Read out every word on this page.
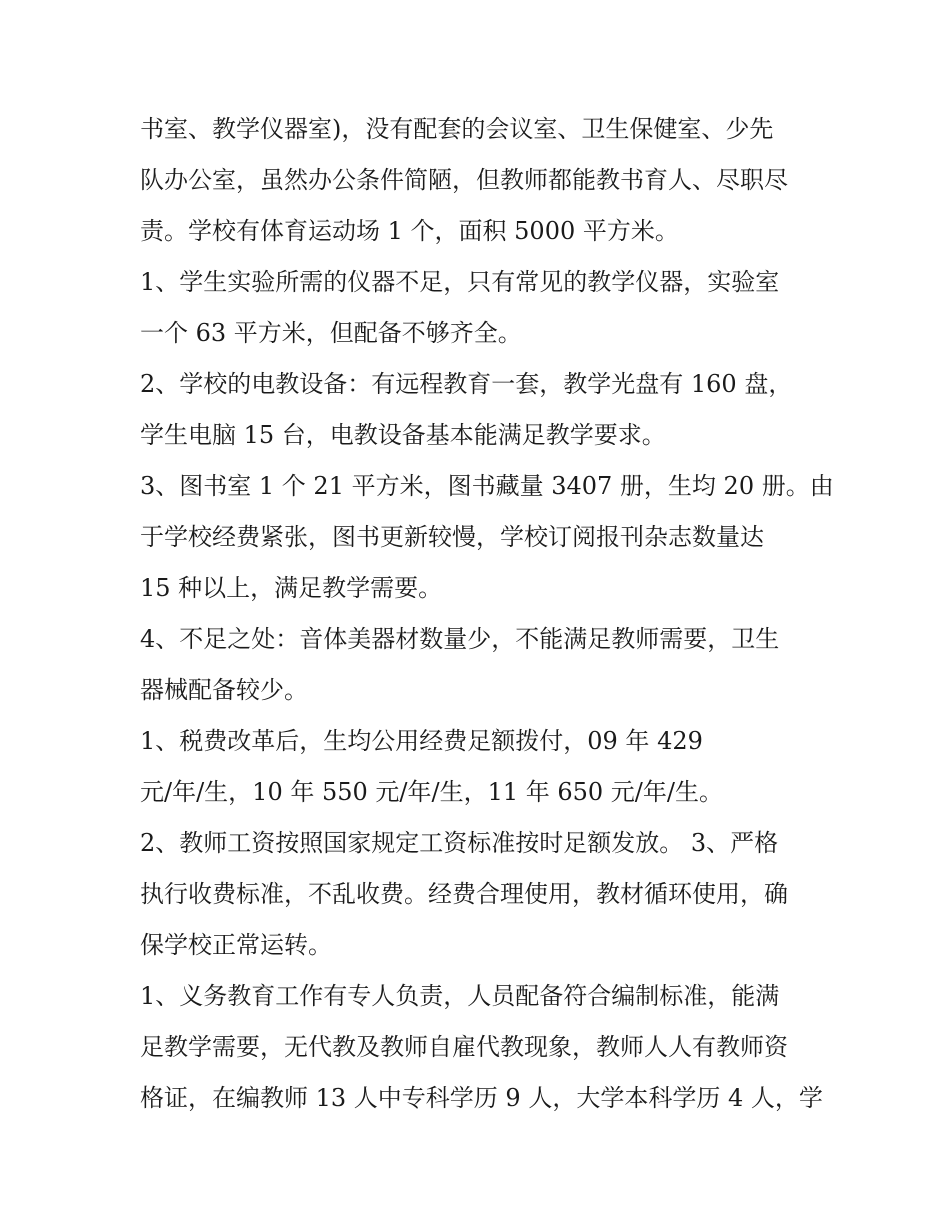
书室、教学仪器室)，没有配套的会议室、卫生保健室、少先
队办公室，虽然办公条件简陋，但教师都能教书育人、尽职尽
责。学校有体育运动场 1 个，面积 5000 平方米。
1、学生实验所需的仪器不足，只有常见的教学仪器，实验室
一个 63 平方米，但配备不够齐全。
2、学校的电教设备：有远程教育一套，教学光盘有 160 盘，
学生电脑 15 台，电教设备基本能满足教学要求。
3、图书室 1 个 21 平方米，图书藏量 3407 册，生均 20 册。由
于学校经费紧张，图书更新较慢，学校订阅报刊杂志数量达
15 种以上，满足教学需要。
4、不足之处：音体美器材数量少，不能满足教师需要，卫生
器械配备较少。
1、税费改革后，生均公用经费足额拨付，09 年 429
元/年/生，10 年 550 元/年/生，11 年 650 元/年/生。
2、教师工资按照国家规定工资标准按时足额发放。 3、严格
执行收费标准，不乱收费。经费合理使用，教材循环使用，确
保学校正常运转。
1、义务教育工作有专人负责，人员配备符合编制标准，能满
足教学需要，无代教及教师自雇代教现象，教师人人有教师资
格证，在编教师 13 人中专科学历 9 人，大学本科学历 4 人，学
